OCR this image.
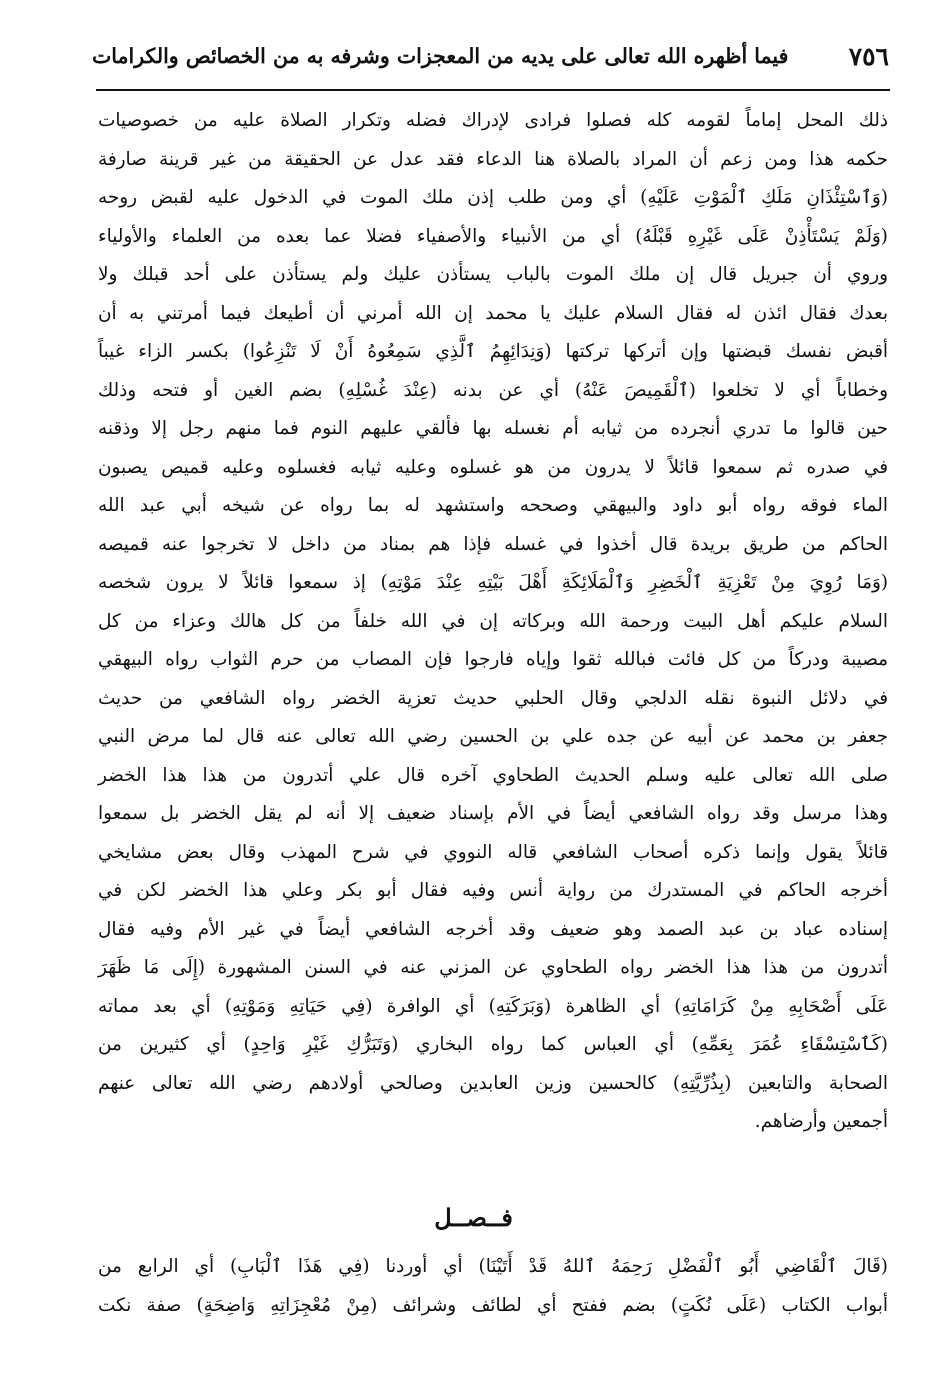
٧٥٦
فيما أظهره الله تعالى على يديه من المعجزات وشرفه به من الخصائص والكرامات
ذلك المحل إماماً لقومه كله فصلوا فرادى لإدراك فضله وتكرار الصلاة عليه من خصوصيات
حكمه هذا ومن زعم أن المراد بالصلاة هنا الدعاء فقد عدل عن الحقيقة من غير قرينة صارفة
(وَٱسْتِئْذَانِ مَلَكِ ٱلْمَوْتِ عَلَيْهِ) أي ومن طلب إذن ملك الموت في الدخول عليه لقبض روحه
(وَلَمْ يَسْتَأْذِنْ عَلَى غَيْرِهِ قَبْلَهُ) أي من الأنبياء والأصفياء فضلا عما بعده من العلماء والأولياء
وروي أن جبريل قال إن ملك الموت بالباب يستأذن عليك ولم يستأذن على أحد قبلك ولا
بعدك فقال ائذن له فقال السلام عليك يا محمد إن الله أمرني أن أطيعك فيما أمرتني به أن
أقبض نفسك قبضتها وإن أتركها تركتها (وَنِدَائِهِمُ ٱلَّذِي سَمِعُوهُ أَنْ لَا تَنْزِعُوا) بكسر الزاء غيباً
وخطاباً أي لا تخلعوا (ٱلْقَمِيصَ عَنْهُ) أي عن بدنه (عِنْدَ غُسْلِهِ) بضم الغين أو فتحه وذلك
حين قالوا ما تدري أنجرده من ثيابه أم نغسله بها فألقي عليهم النوم فما منهم رجل إلا وذقنه
في صدره ثم سمعوا قائلاً لا يدرون من هو غسلوه وعليه ثيابه فغسلوه وعليه قميص يصبون
الماء فوقه رواه أبو داود والبيهقي وصححه واستشهد له بما رواه عن شيخه أبي عبد الله
الحاكم من طريق بريدة قال أخذوا في غسله فإذا هم بمناد من داخل لا تخرجوا عنه قميصه
(وَمَا رُوِيَ مِنْ تَعْزِيَةِ ٱلْخَضِرِ وَٱلْمَلَائِكَةِ أَهْلَ بَيْتِهِ عِنْدَ مَوْتِهِ) إذ سمعوا قائلاً لا يرون شخصه
السلام عليكم أهل البيت ورحمة الله وبركاته إن في الله خلفاً من كل هالك وعزاء من كل
مصيبة ودركاً من كل فائت فبالله ثقوا وإياه فارجوا فإن المصاب من حرم الثواب رواه البيهقي
في دلائل النبوة نقله الدلجي وقال الحلبي حديث تعزية الخضر رواه الشافعي من حديث
جعفر بن محمد عن أبيه عن جده علي بن الحسين رضي الله تعالى عنه قال لما مرض النبي
صلى الله تعالى عليه وسلم الحديث الطحاوي آخره قال علي أتدرون من هذا هذا الخضر
وهذا مرسل وقد رواه الشافعي أيضاً في الأم بإسناد ضعيف إلا أنه لم يقل الخضر بل سمعوا
قائلاً يقول وإنما ذكره أصحاب الشافعي قاله النووي في شرح المهذب وقال بعض مشايخي
أخرجه الحاكم في المستدرك من رواية أنس وفيه فقال أبو بكر وعلي هذا الخضر لكن في
إسناده عباد بن عبد الصمد وهو ضعيف وقد أخرجه الشافعي أيضاً في غير الأم وفيه فقال
أتدرون من هذا هذا الخضر رواه الطحاوي عن المزني عنه في السنن المشهورة (إِلَى مَا ظَهَرَ
عَلَى أَصْحَابِهِ مِنْ كَرَامَاتِهِ) أي الظاهرة (وَبَرَكَتِهِ) أي الوافرة (فِي حَيَاتِهِ وَمَوْتِهِ) أي بعد مماته
(كَٱسْتِسْقَاءِ عُمَرَ بِعَمِّهِ) أي العباس كما رواه البخاري (وَتَبَرُّكِ غَيْرِ وَاحِدٍ) أي كثيرين من
الصحابة والتابعين (بِذُرِّيَّتِهِ) كالحسين وزين العابدين وصالحي أولادهم رضي الله تعالى عنهم
أجمعين وأرضاهم.
فــصــل
(قَالَ ٱلْقَاضِي أَبُو ٱلْفَضْلِ رَحِمَهُ ٱللهُ قَدْ أَتَيْنَا) أي أوردنا (فِي هَذَا ٱلْبَابِ) أي الرابع من
أبواب الكتاب (عَلَى نُكَتٍ) بضم ففتح أي لطائف وشرائف (مِنْ مُعْجِزَاتِهِ وَاضِحَةٍ) صفة نكت
